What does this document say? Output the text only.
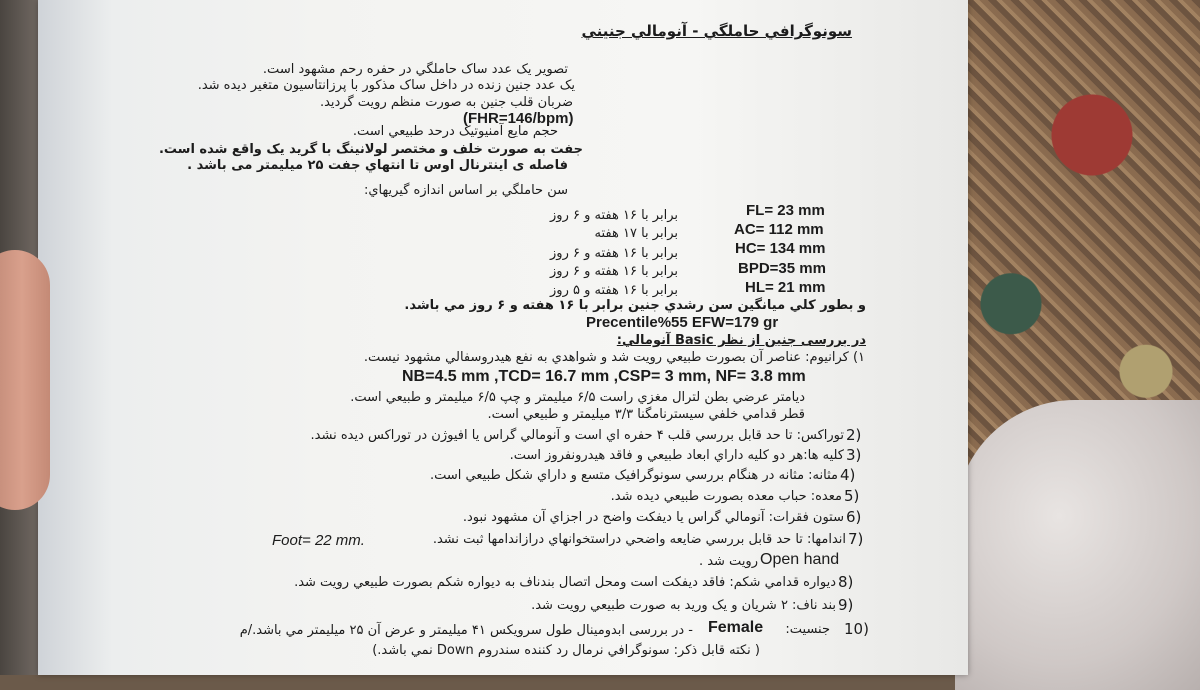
سونوگرافي حاملگي - آنومالي جنيني
تصوير يک عدد ساک حاملگي در حفره رحم مشهود است.
يک عدد جنين زنده در داخل ساک مذکور با پرزانتاسيون متغير ديده شد.
ضربان قلب جنين به صورت منظم رويت گرديد.
(FHR=146/bpm)
حجم مايع آمنيوتيک درحد طبيعي است.
جفت به صورت خلف و مختصر لولانينگ با گريد يک واقع شده است.
فاصله ی اينترنال اوس تا انتهاي جفت ۲۵ ميليمتر می باشد .
سن حاملگي بر اساس اندازه گيريهاي:
FL= 23 mm
برابر با ۱۶ هفته و ۶ روز
AC= 112 mm
برابر با ۱۷ هفته
HC= 134 mm
برابر با ۱۶ هفته و ۶ روز
BPD=35 mm
برابر با ۱۶ هفته و ۶ روز
HL= 21 mm
برابر با ۱۶ هفته و ۵ روز
و بطور کلي ميانگين سن رشدي جنين برابر با ۱۶ هفته و ۶ روز مي باشد.
Precentile%55 EFW=179 gr
در بررسی جنين از نظر Basic آنومالي:
۱) کرانيوم: عناصر آن بصورت طبيعي رويت شد و شواهدي به نفع هيدروسفالي مشهود نيست.
NB=4.5 mm ,TCD= 16.7 mm ,CSP= 3 mm, NF= 3.8 mm
ديامتر عرضي بطن لترال مغزي راست ۶/۵ ميليمتر و چپ ۶/۵ ميليمتر و طبيعي است.
قطر قدامي خلفي سيسترنامگنا ۳/۳ ميليمتر و طبيعي است.
2)
توراکس: تا حد قابل بررسي قلب ۴ حفره اي است و آنومالي گراس يا افيوژن در توراکس ديده نشد.
3)
کليه ها:هر دو کليه داراي ابعاد طبيعي و فاقد هيدرونفروز است.
4)
مثانه: مثانه در هنگام بررسي سونوگرافيک متسع و داراي شکل طبيعي است.
5)
معده: حباب معده بصورت طبيعي ديده شد.
6)
ستون فقرات: آنومالي گراس يا ديفکت واضح در اجزاي آن مشهود نبود.
7)
اندامها: تا حد قابل بررسي ضايعه واضحي دراستخوانهاي درازاندامها ثبت نشد.
Foot= 22 mm.
Open hand
رويت شد .
8)
ديواره قدامي شکم: فاقد ديفکت است ومحل اتصال بندناف به ديواره شکم بصورت طبيعي رويت شد.
9)
بند ناف: ۲ شريان و يک وريد به صورت طبيعي رويت شد.
10)
جنسيت:
Female
- در بررسی ابدومينال طول سرويکس ۴۱ ميليمتر و عرض آن ۲۵ ميليمتر مي باشد./م
( نکته قابل ذکر: سونوگرافي نرمال رد کننده سندروم Down نمي باشد.)
